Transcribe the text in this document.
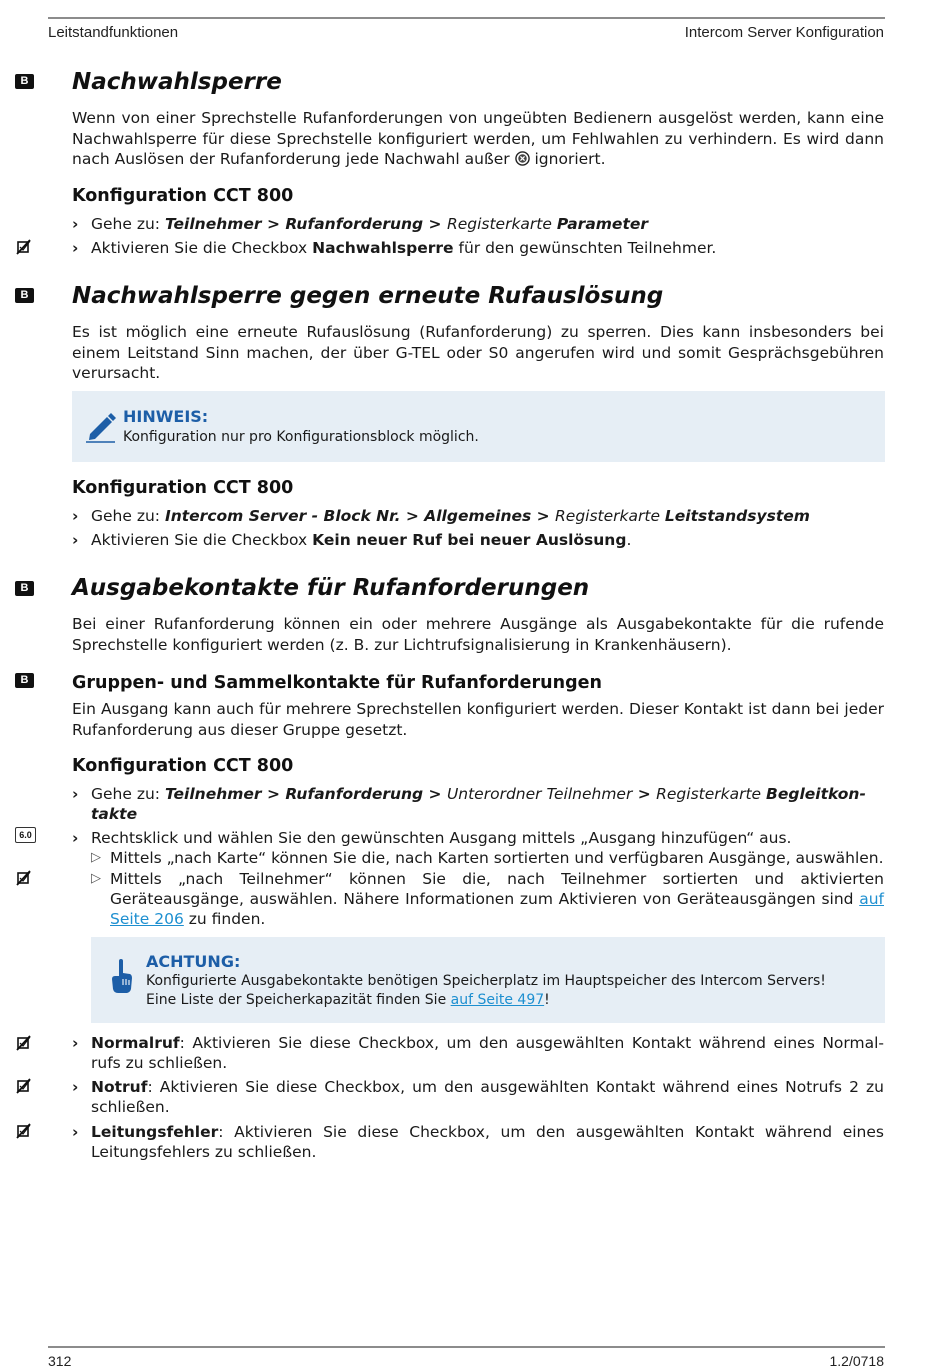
Leitstandfunktionen	Intercom Server Konfiguration
B
B
B
B
6.0
Nachwahlsperre

Wenn von einer Sprechstelle Rufanforderungen von ungeübten Bedienern ausgelöst werden, kann eine Nachwahlsperre für diese Sprechstelle konfiguriert werden, um Fehlwahlen zu verhindern. Es wird dann nach Auslösen der Rufanforderung jede Nachwahl außer ignoriert.

Konfiguration CCT 800
› Gehe zu: Teilnehmer > Rufanforderung > Registerkarte Parameter
› Aktivieren Sie die Checkbox Nachwahlsperre für den gewünschten Teilnehmer.
Nachwahlsperre gegen erneute Rufauslösung

Es ist möglich eine erneute Rufauslösung (Rufanforderung) zu sperren. Dies kann insbesonders bei einem Leitstand Sinn machen, der über G-TEL oder S0 angerufen wird und somit Gesprächsgebühren verursacht.

HINWEIS:
Konfiguration nur pro Konfigurationsblock möglich.
Konfiguration CCT 800
› Gehe zu: Intercom Server - Block Nr. > Allgemeines > Registerkarte Leitstandsystem
› Aktivieren Sie die Checkbox Kein neuer Ruf bei neuer Auslösung.
Ausgabekontakte für Rufanforderungen

Bei einer Rufanforderung können ein oder mehrere Ausgänge als Ausgabekontakte für die rufende Sprechstelle konfiguriert werden (z. B. zur Lichtrufsignalisierung in Krankenhäusern).

Gruppen- und Sammelkontakte für Rufanforderungen

Ein Ausgang kann auch für mehrere Sprechstellen konfiguriert werden. Dieser Kontakt ist dann bei jeder Rufanforderung aus dieser Gruppe gesetzt.

Konfiguration CCT 800
› Gehe zu: Teilnehmer > Rufanforderung > Unterordner Teilnehmer > Registerkarte Begleitkon-
takte
› Rechtsklick und wählen Sie den gewünschten Ausgang mittels „Ausgang hinzufügen“ aus.
▷ Mittels „nach Karte“ können Sie die, nach Karten sortierten und verfügbaren Ausgänge, auswählen.
▷ Mittels „nach Teilnehmer“ können Sie die, nach Teilnehmer sortierten und aktivierten Geräteausgänge, auswählen. Nähere Informationen zum Aktivieren von Geräteausgängen sind auf Seite 206 zu finden.
ACHTUNG:
Konfigurierte Ausgabekontakte benötigen Speicherplatz im Hauptspeicher des Intercom Servers!
Eine Liste der Speicherkapazität finden Sie auf Seite 497!
› Normalruf: Aktivieren Sie diese Checkbox, um den ausgewählten Kontakt während eines Normal-rufs zu schließen.
› Notruf: Aktivieren Sie diese Checkbox, um den ausgewählten Kontakt während eines Notrufs 2 zu schließen.
› Leitungsfehler: Aktivieren Sie diese Checkbox, um den ausgewählten Kontakt während eines Leitungsfehlers zu schließen.
312	1.2/0718
